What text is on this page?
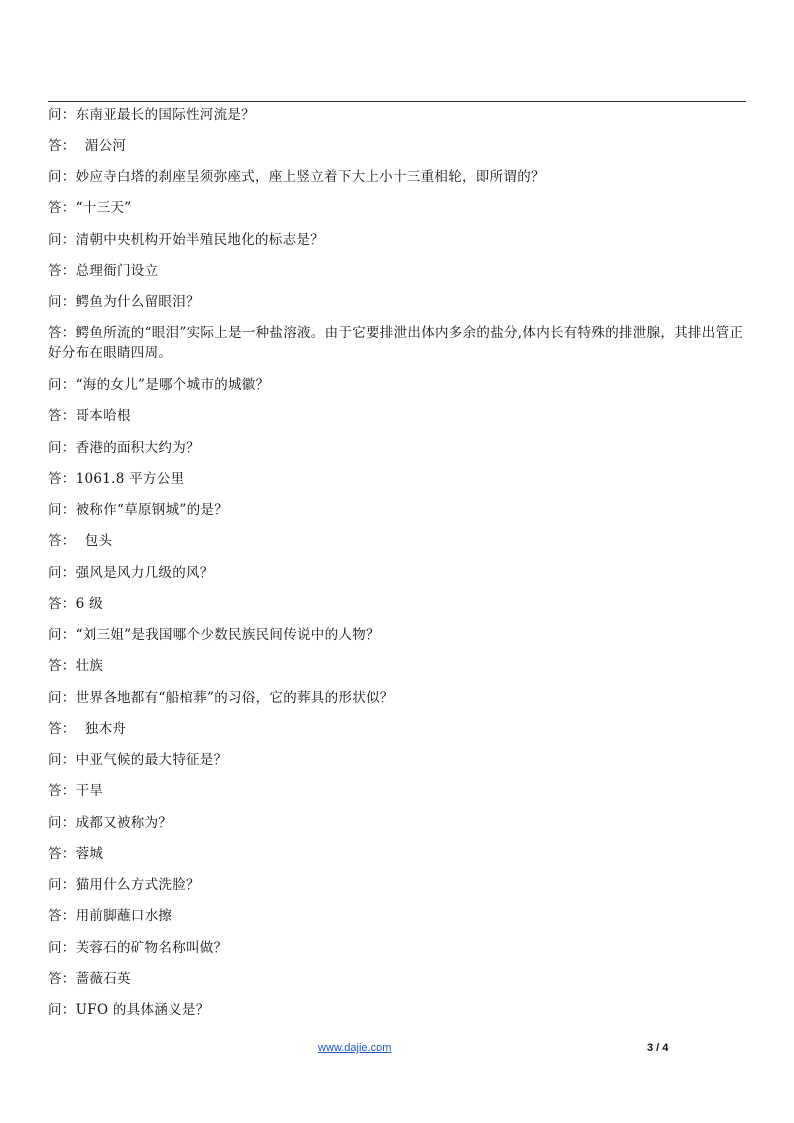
问：东南亚最长的国际性河流是？

答：  湄公河

问：妙应寺白塔的刹座呈须弥座式，座上竖立着下大上小十三重相轮，即所谓的？

答：“十三天”

问：清朝中央机构开始半殖民地化的标志是？

答：总理衙门设立

问：鳄鱼为什么留眼泪？

答：鳄鱼所流的“眼泪”实际上是一种盐溶液。由于它要排泄出体内多余的盐分,体内长有特殊的排泄腺，其排出管正好分布在眼睛四周。

问：“海的女儿”是哪个城市的城徽？

答：哥本哈根

问：香港的面积大约为？

答：1061.8 平方公里

问：被称作“草原钢城”的是？

答：  包头

问：强风是风力几级的风？

答：6 级

问：“刘三姐”是我国哪个少数民族民间传说中的人物？

答：壮族

问：世界各地都有“船棺葬”的习俗，它的葬具的形状似？

答：  独木舟

问：中亚气候的最大特征是？

答：干旱

问：成都又被称为？

答：蓉城

问：猫用什么方式洗脸？

答：用前脚蘸口水擦

问：芙蓉石的矿物名称叫做？

答：蔷薇石英

问：UFO 的具体涵义是？

www.dajie.com	3 / 4
